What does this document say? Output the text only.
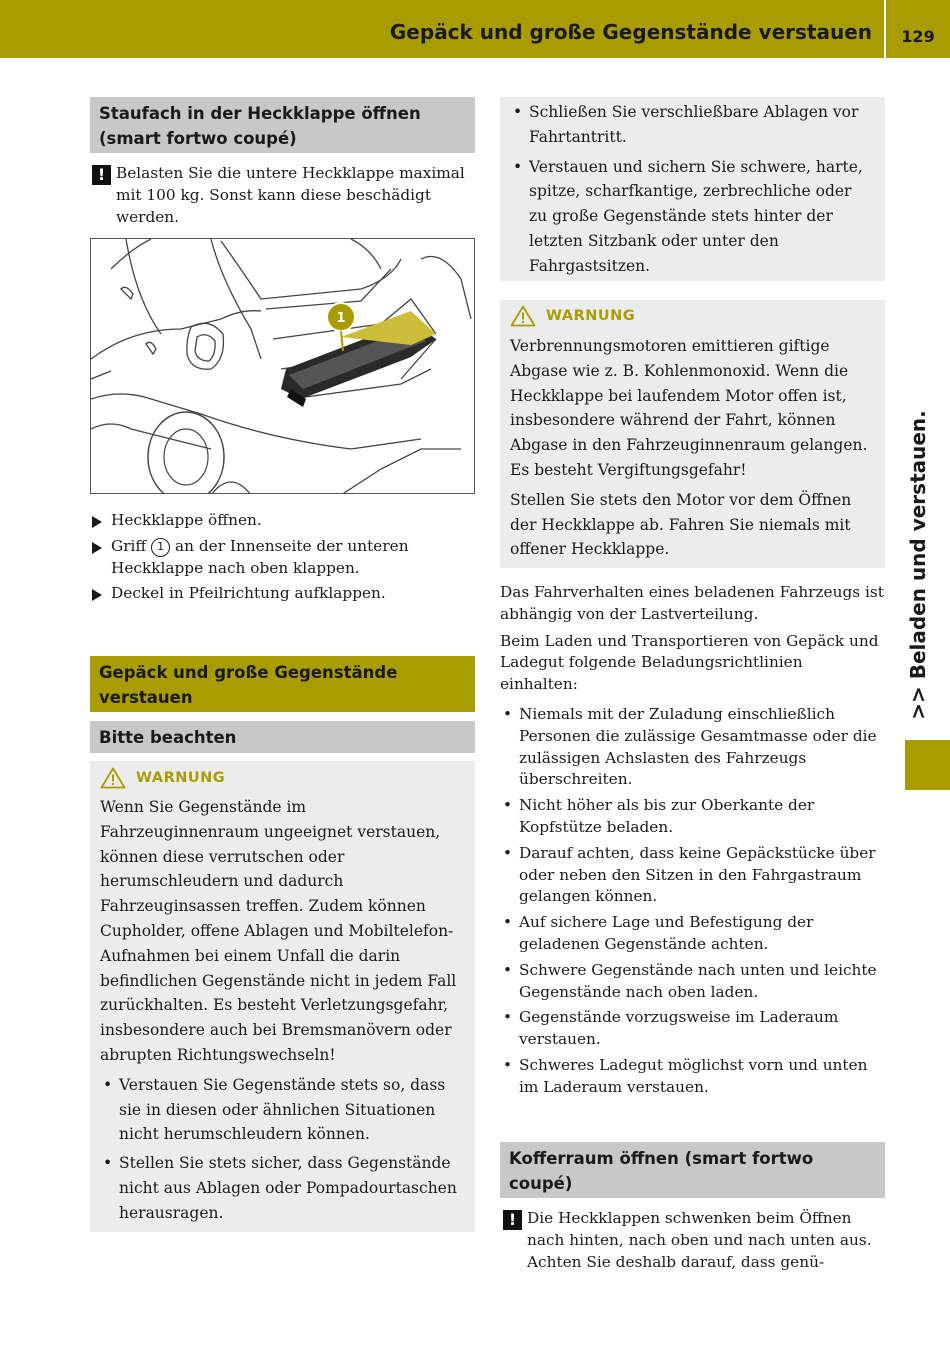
Gepäck und große Gegenstände verstauen	129
>> Beladen und verstauen.
Staufach in der Heckklappe öffnen (smart fortwo coupé)
! Belasten Sie die untere Heckklappe maximal mit 100 kg. Sonst kann diese beschädigt werden.
1
Heckklappe öffnen.
Griff 1 an der Innenseite der unteren Heckklappe nach oben klappen.
Deckel in Pfeilrichtung aufklappen.
Gepäck und große Gegenstände verstauen
Bitte beachten
WARNUNG
Wenn Sie Gegenstände im Fahrzeuginnenraum ungeeignet verstauen, können diese verrutschen oder herumschleudern und dadurch Fahrzeuginsassen treffen. Zudem können Cupholder, offene Ablagen und Mobiltelefon-Aufnahmen bei einem Unfall die darin befindlichen Gegenstände nicht in jedem Fall zurückhalten. Es besteht Verletzungsgefahr, insbesondere auch bei Bremsmanövern oder abrupten Richtungswechseln!
• Verstauen Sie Gegenstände stets so, dass sie in diesen oder ähnlichen Situationen nicht herumschleudern können.
• Stellen Sie stets sicher, dass Gegenstände nicht aus Ablagen oder Pompadourtaschen herausragen.
• Schließen Sie verschließbare Ablagen vor Fahrtantritt.
• Verstauen und sichern Sie schwere, harte, spitze, scharfkantige, zerbrechliche oder zu große Gegenstände stets hinter der letzten Sitzbank oder unter den Fahrgastsitzen.
WARNUNG
Verbrennungsmotoren emittieren giftige Abgase wie z. B. Kohlenmonoxid. Wenn die Heckklappe bei laufendem Motor offen ist, insbesondere während der Fahrt, können Abgase in den Fahrzeuginnenraum gelangen. Es besteht Vergiftungsgefahr!
Stellen Sie stets den Motor vor dem Öffnen der Heckklappe ab. Fahren Sie niemals mit offener Heckklappe.
Das Fahrverhalten eines beladenen Fahrzeugs ist abhängig von der Lastverteilung.
Beim Laden und Transportieren von Gepäck und Ladegut folgende Beladungsrichtlinien einhalten:
• Niemals mit der Zuladung einschließlich Personen die zulässige Gesamtmasse oder die zulässigen Achslasten des Fahrzeugs überschreiten.
• Nicht höher als bis zur Oberkante der Kopfstütze beladen.
• Darauf achten, dass keine Gepäckstücke über oder neben den Sitzen in den Fahrgastraum gelangen können.
• Auf sichere Lage und Befestigung der geladenen Gegenstände achten.
• Schwere Gegenstände nach unten und leichte Gegenstände nach oben laden.
• Gegenstände vorzugsweise im Laderaum verstauen.
• Schweres Ladegut möglichst vorn und unten im Laderaum verstauen.
Kofferraum öffnen (smart fortwo coupé)
! Die Heckklappen schwenken beim Öffnen nach hinten, nach oben und nach unten aus. Achten Sie deshalb darauf, dass genü-
